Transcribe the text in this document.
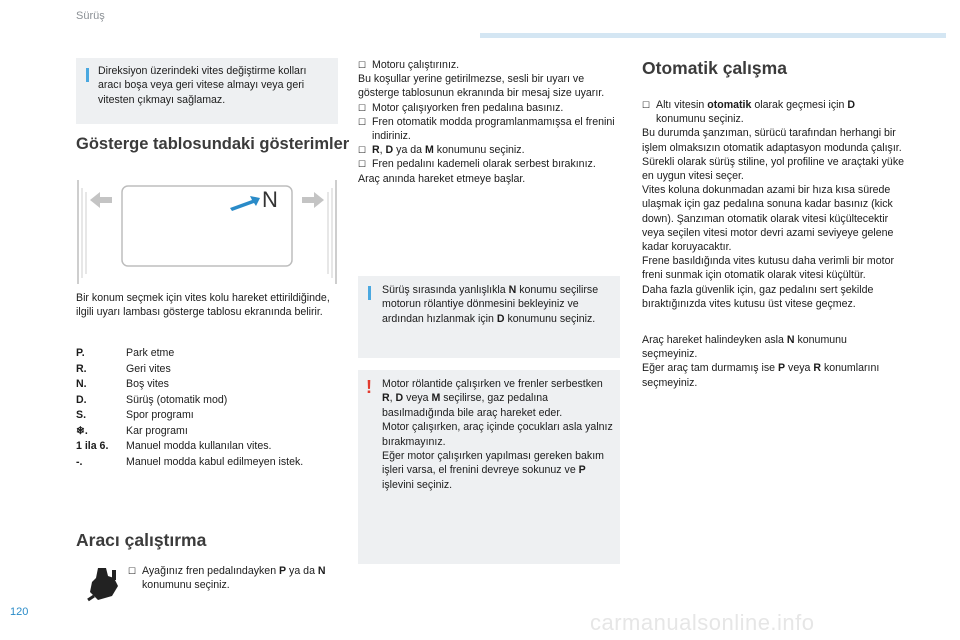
Sürüş

Direksiyon üzerindeki vites değiştirme kolları aracı boşa veya geri vitese almayı veya geri vitesten çıkmayı sağlamaz.

Gösterge tablosundaki gösterimler
N
Bir konum seçmek için vites kolu hareket ettirildiğinde, ilgili uyarı lambası gösterge tablosu ekranında belirir.
P.	Park etme
R.	Geri vites
N.	Boş vites
D.	Sürüş (otomatik mod)
S.	Spor programı
❄.	Kar programı
1 ila 6.	Manuel modda kullanılan vites.
-.	Manuel modda kabul edilmeyen istek.
Aracı çalıştırma
☐ Ayağınız fren pedalındayken P ya da N konumunu seçiniz.
☐ Motoru çalıştırınız.
Bu koşullar yerine getirilmezse, sesli bir uyarı ve gösterge tablosunun ekranında bir mesaj size uyarır.
☐ Motor çalışıyorken fren pedalına basınız.
☐ Fren otomatik modda programlanmamışsa el frenini indiriniz.
☐ R, D ya da M konumunu seçiniz.
☐ Fren pedalını kademeli olarak serbest bırakınız.
Araç anında hareket etmeye başlar.

Sürüş sırasında yanlışlıkla N konumu seçilirse motorun rölantiye dönmesini bekleyiniz ve ardından hızlanmak için D konumunu seçiniz.

! Motor rölantide çalışırken ve frenler serbestken R, D veya M seçilirse, gaz pedalına basılmadığında bile araç hareket eder.

Motor çalışırken, araç içinde çocukları asla yalnız bırakmayınız.

Eğer motor çalışırken yapılması gereken bakım işleri varsa, el frenini devreye sokunuz ve P işlevini seçiniz.

Otomatik çalışma
☐ Altı vitesin otomatik olarak geçmesi için D konumunu seçiniz.
Bu durumda şanzıman, sürücü tarafından herhangi bir işlem olmaksızın otomatik adaptasyon modunda çalışır. Sürekli olarak sürüş stiline, yol profiline ve araçtaki yüke en uygun vitesi seçer.
Vites koluna dokunmadan azami bir hıza kısa sürede ulaşmak için gaz pedalına sonuna kadar basınız (kick down). Şanzıman otomatik olarak vitesi küçültecektir veya seçilen vitesi motor devri azami seviyeye gelene kadar koruyacaktır.
Frene basıldığında vites kutusu daha verimli bir motor freni sunmak için otomatik olarak vitesi küçültür.
Daha fazla güvenlik için, gaz pedalını sert şekilde bıraktığınızda vites kutusu üst vitese geçmez.
Araç hareket halindeyken asla N konumunu seçmeyiniz.
Eğer araç tam durmamış ise P veya R konumlarını seçmeyiniz.
120	carmanualsonline.info
